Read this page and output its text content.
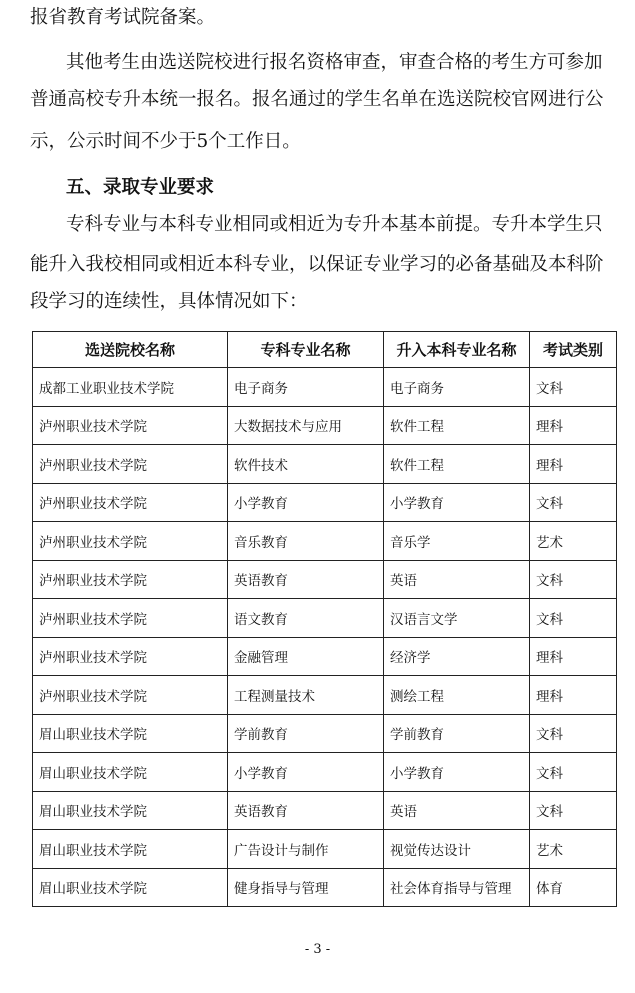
报省教育考试院备案。
其他考生由选送院校进行报名资格审查，审查合格的考生方可参加
普通高校专升本统一报名。报名通过的学生名单在选送院校官网进行公
示，公示时间不少于5个工作日。
五、录取专业要求
专科专业与本科专业相同或相近为专升本基本前提。专升本学生只
能升入我校相同或相近本科专业，以保证专业学习的必备基础及本科阶
段学习的连续性，具体情况如下：
选送院校名称	专科专业名称	升入本科专业名称	考试类别
成都工业职业技术学院	电子商务	电子商务	文科
泸州职业技术学院	大数据技术与应用	软件工程	理科
泸州职业技术学院	软件技术	软件工程	理科
泸州职业技术学院	小学教育	小学教育	文科
泸州职业技术学院	音乐教育	音乐学	艺术
泸州职业技术学院	英语教育	英语	文科
泸州职业技术学院	语文教育	汉语言文学	文科
泸州职业技术学院	金融管理	经济学	理科
泸州职业技术学院	工程测量技术	测绘工程	理科
眉山职业技术学院	学前教育	学前教育	文科
眉山职业技术学院	小学教育	小学教育	文科
眉山职业技术学院	英语教育	英语	文科
眉山职业技术学院	广告设计与制作	视觉传达设计	艺术
眉山职业技术学院	健身指导与管理	社会体育指导与管理	体育
- 3 -
